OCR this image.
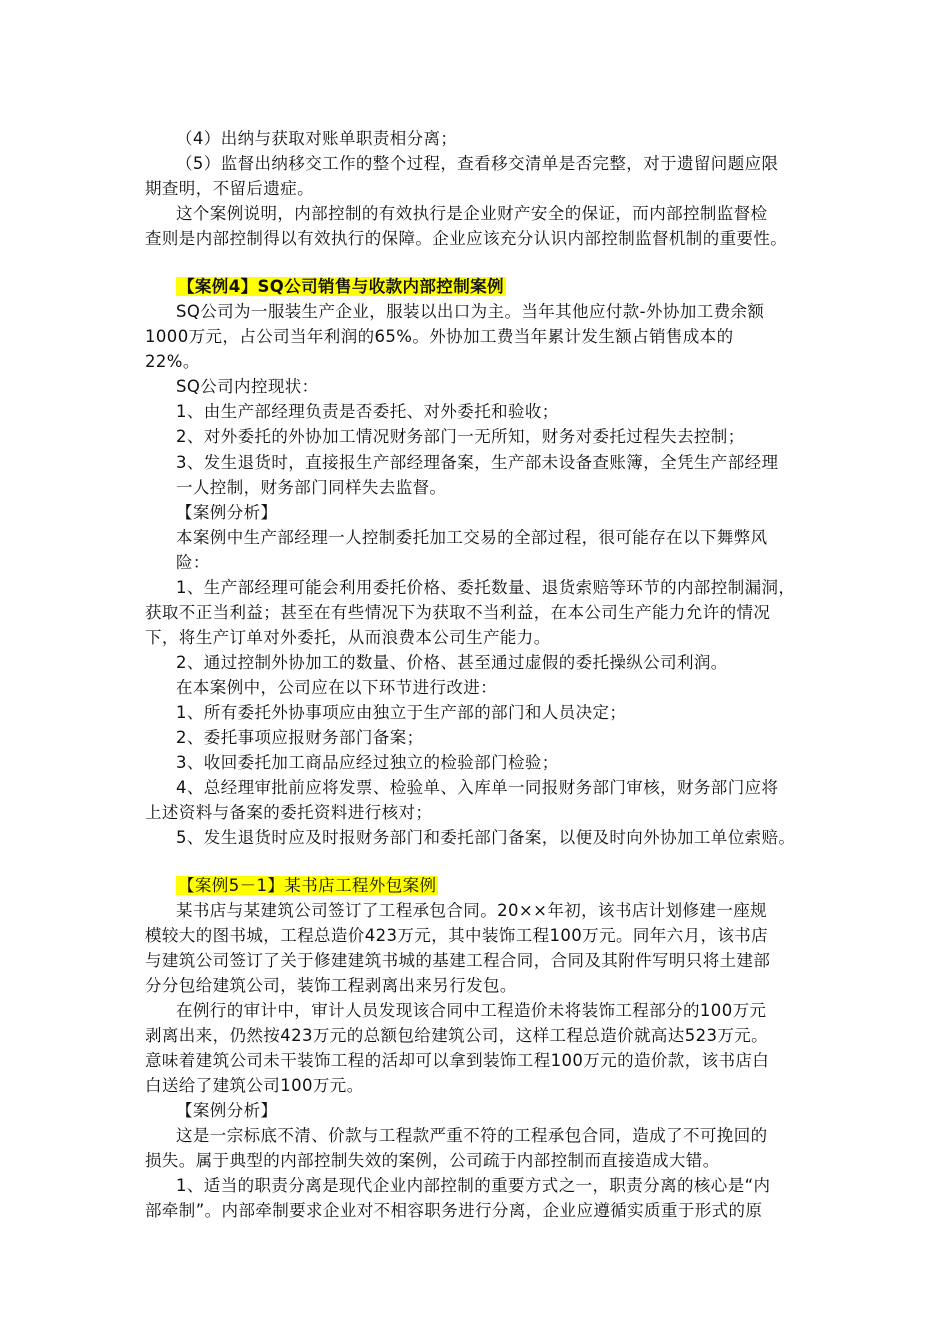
（4）出纳与获取对账单职责相分离；
（5）监督出纳移交工作的整个过程，查看移交清单是否完整，对于遗留问题应限
期查明，不留后遗症。
这个案例说明，内部控制的有效执行是企业财产安全的保证，而内部控制监督检
查则是内部控制得以有效执行的保障。企业应该充分认识内部控制监督机制的重要性。
【案例4】SQ公司销售与收款内部控制案例
SQ公司为一服装生产企业，服装以出口为主。当年其他应付款-外协加工费余额
1000万元，占公司当年利润的65%。外协加工费当年累计发生额占销售成本的
22%。
SQ公司内控现状：
1、由生产部经理负责是否委托、对外委托和验收；
2、对外委托的外协加工情况财务部门一无所知，财务对委托过程失去控制；
3、发生退货时，直接报生产部经理备案，生产部未设备查账簿，全凭生产部经理
一人控制，财务部门同样失去监督。
【案例分析】
本案例中生产部经理一人控制委托加工交易的全部过程，很可能存在以下舞弊风
险：
1、生产部经理可能会利用委托价格、委托数量、退货索赔等环节的内部控制漏洞，
获取不正当利益；甚至在有些情况下为获取不当利益，在本公司生产能力允许的情况
下，将生产订单对外委托，从而浪费本公司生产能力。
2、通过控制外协加工的数量、价格、甚至通过虚假的委托操纵公司利润。
在本案例中，公司应在以下环节进行改进：
1、所有委托外协事项应由独立于生产部的部门和人员决定；
2、委托事项应报财务部门备案；
3、收回委托加工商品应经过独立的检验部门检验；
4、总经理审批前应将发票、检验单、入库单一同报财务部门审核，财务部门应将
上述资料与备案的委托资料进行核对；
5、发生退货时应及时报财务部门和委托部门备案，以便及时向外协加工单位索赔。
【案例5－1】某书店工程外包案例
某书店与某建筑公司签订了工程承包合同。20××年初，该书店计划修建一座规
模较大的图书城，工程总造价423万元，其中装饰工程100万元。同年六月，该书店
与建筑公司签订了关于修建建筑书城的基建工程合同，合同及其附件写明只将土建部
分分包给建筑公司，装饰工程剥离出来另行发包。
在例行的审计中，审计人员发现该合同中工程造价未将装饰工程部分的100万元
剥离出来，仍然按423万元的总额包给建筑公司，这样工程总造价就高达523万元。
意味着建筑公司未干装饰工程的活却可以拿到装饰工程100万元的造价款，该书店白
白送给了建筑公司100万元。
【案例分析】
这是一宗标底不清、价款与工程款严重不符的工程承包合同，造成了不可挽回的
损失。属于典型的内部控制失效的案例，公司疏于内部控制而直接造成大错。
1、适当的职责分离是现代企业内部控制的重要方式之一，职责分离的核心是“内
部牵制”。内部牵制要求企业对不相容职务进行分离，企业应遵循实质重于形式的原
